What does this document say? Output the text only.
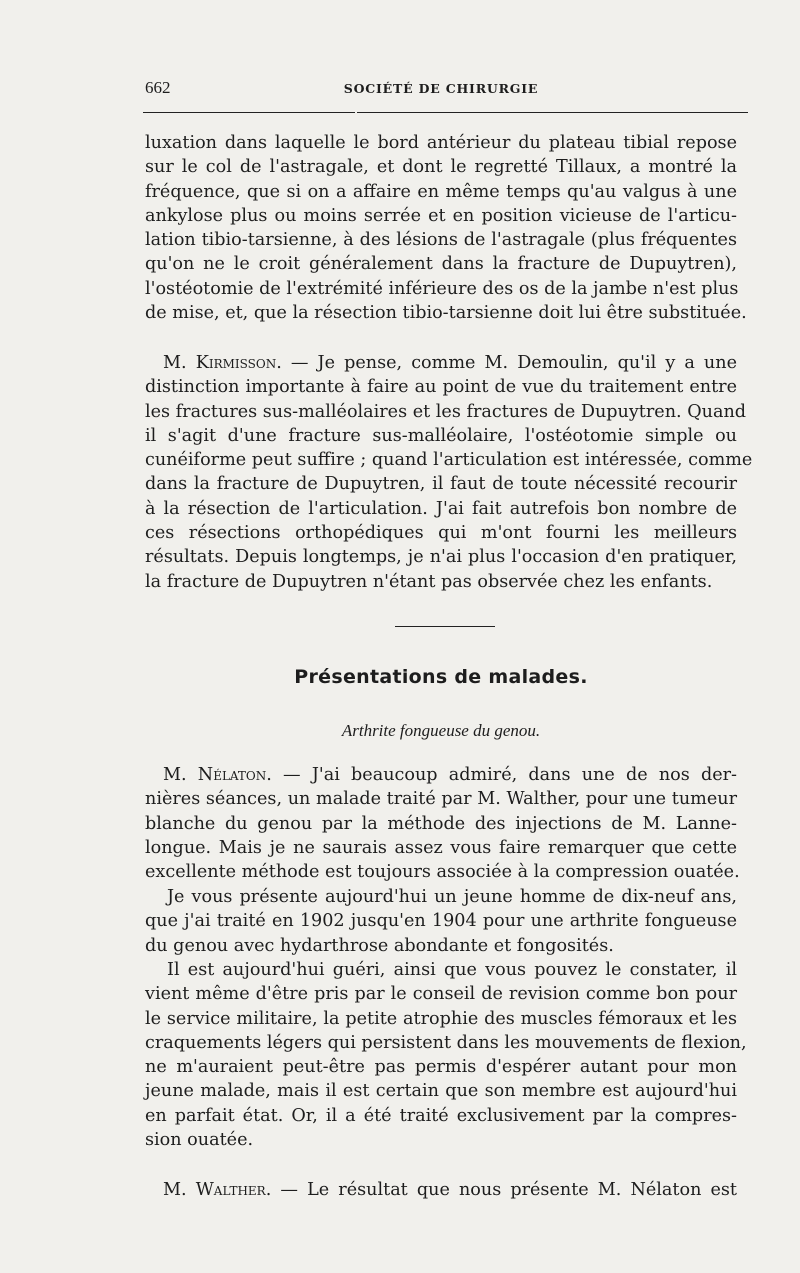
662	SOCIÉTÉ DE CHIRURGIE
luxation dans laquelle le bord antérieur du plateau tibial repose
sur le col de l'astragale, et dont le regretté Tillaux, a montré la
fréquence, que si on a affaire en même temps qu'au valgus à une
ankylose plus ou moins serrée et en position vicieuse de l'articu-
lation tibio-tarsienne, à des lésions de l'astragale (plus fréquentes
qu'on ne le croit généralement dans la fracture de Dupuytren),
l'ostéotomie de l'extrémité inférieure des os de la jambe n'est plus
de mise, et, que la résection tibio-tarsienne doit lui être substituée.
M. Kirmisson. — Je pense, comme M. Demoulin, qu'il y a une
distinction importante à faire au point de vue du traitement entre
les fractures sus-malléolaires et les fractures de Dupuytren. Quand
il s'agit d'une fracture sus-malléolaire, l'ostéotomie simple ou
cunéiforme peut suffire ; quand l'articulation est intéressée, comme
dans la fracture de Dupuytren, il faut de toute nécessité recourir
à la résection de l'articulation. J'ai fait autrefois bon nombre de
ces résections orthopédiques qui m'ont fourni les meilleurs
résultats. Depuis longtemps, je n'ai plus l'occasion d'en pratiquer,
la fracture de Dupuytren n'étant pas observée chez les enfants.
Présentations de malades.
Arthrite fongueuse du genou.
M. Nélaton. — J'ai beaucoup admiré, dans une de nos der-
nières séances, un malade traité par M. Walther, pour une tumeur
blanche du genou par la méthode des injections de M. Lanne-
longue. Mais je ne saurais assez vous faire remarquer que cette
excellente méthode est toujours associée à la compression ouatée.
Je vous présente aujourd'hui un jeune homme de dix-neuf ans,
que j'ai traité en 1902 jusqu'en 1904 pour une arthrite fongueuse
du genou avec hydarthrose abondante et fongosités.
Il est aujourd'hui guéri, ainsi que vous pouvez le constater, il
vient même d'être pris par le conseil de revision comme bon pour
le service militaire, la petite atrophie des muscles fémoraux et les
craquements légers qui persistent dans les mouvements de flexion,
ne m'auraient peut-être pas permis d'espérer autant pour mon
jeune malade, mais il est certain que son membre est aujourd'hui
en parfait état. Or, il a été traité exclusivement par la compres-
sion ouatée.
M. Walther. — Le résultat que nous présente M. Nélaton est
